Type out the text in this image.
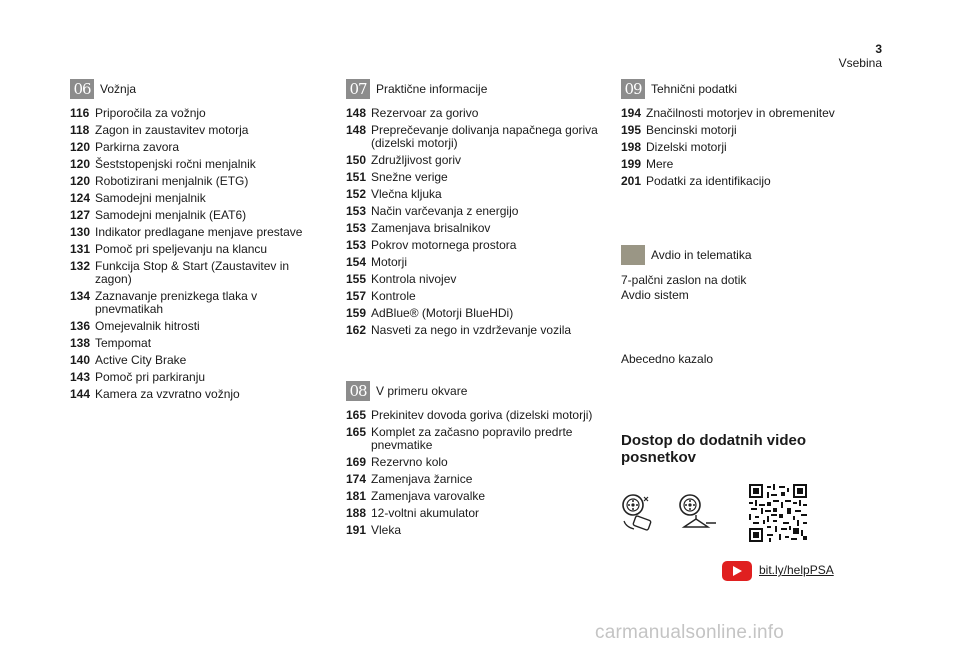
3
Vsebina
06 Vožnja
116 Priporočila za vožnjo
118 Zagon in zaustavitev motorja
120 Parkirna zavora
120 Šeststopenjski ročni menjalnik
120 Robotizirani menjalnik (ETG)
124 Samodejni menjalnik
127 Samodejni menjalnik (EAT6)
130 Indikator predlagane menjave prestave
131 Pomoč pri speljevanju na klancu
132 Funkcija Stop & Start (Zaustavitev in zagon)
134 Zaznavanje prenizkega tlaka v pnevmatikah
136 Omejevalnik hitrosti
138 Tempomat
140 Active City Brake
143 Pomoč pri parkiranju
144 Kamera za vzvratno vožnjo
07 Praktične informacije
148 Rezervoar za gorivo
148 Preprečevanje dolivanja napačnega goriva (dizelski motorji)
150 Združljivost goriv
151 Snežne verige
152 Vlečna kljuka
153 Način varčevanja z energijo
153 Zamenjava brisalnikov
153 Pokrov motornega prostora
154 Motorji
155 Kontrola nivojev
157 Kontrole
159 AdBlue® (Motorji BlueHDi)
162 Nasveti za nego in vzdrževanje vozila
08 V primeru okvare
165 Prekinitev dovoda goriva (dizelski motorji)
165 Komplet za začasno popravilo predrte pnevmatike
169 Rezervno kolo
174 Zamenjava žarnice
181 Zamenjava varovalke
188 12-voltni akumulator
191 Vleka
09 Tehnični podatki
194 Značilnosti motorjev in obremenitev
195 Bencinski motorji
198 Dizelski motorji
199 Mere
201 Podatki za identifikacijo
Avdio in telematika
7-palčni zaslon na dotik
Avdio sistem
Abecedno kazalo
Dostop do dodatnih video posnetkov
bit.ly/helpPSA
carmanualsonline.info
